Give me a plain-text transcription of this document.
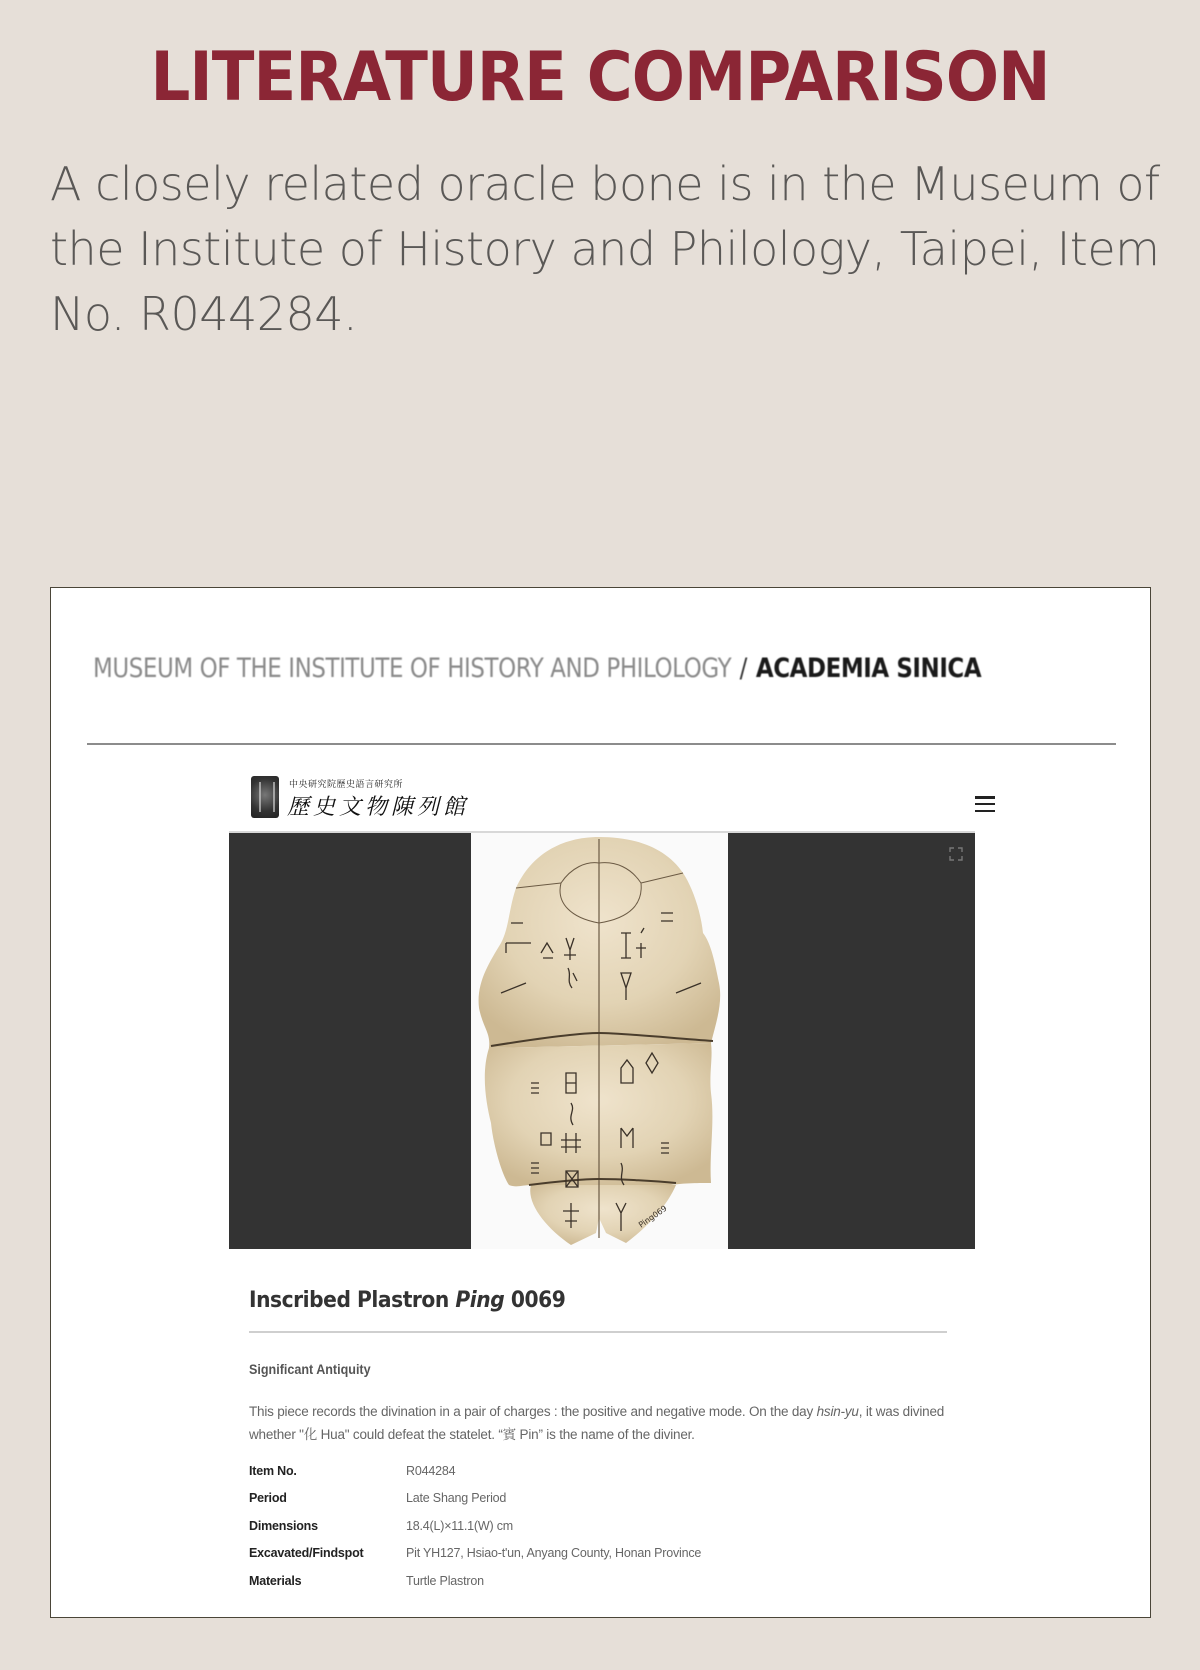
LITERATURE COMPARISON

A closely related oracle bone is in the Museum of the Institute of History and Philology, Taipei, Item No. R044284.

MUSEUM OF THE INSTITUTE OF HISTORY AND PHILOLOGY / ACADEMIA SINICA
中央研究院歷史語言研究所
歷史文物陳列館
Ping069
Inscribed Plastron Ping 0069
Significant Antiquity

This piece records the divination in a pair of charges : the positive and negative mode. On the day hsin-yu, it was divined whether "化 Hua" could defeat the statelet. “賓 Pin” is the name of the diviner.

Item No.	R044284
Period	Late Shang Period
Dimensions	18.4(L)×11.1(W) cm
Excavated/Findspot	Pit YH127, Hsiao-t'un, Anyang County, Honan Province
Materials	Turtle Plastron
